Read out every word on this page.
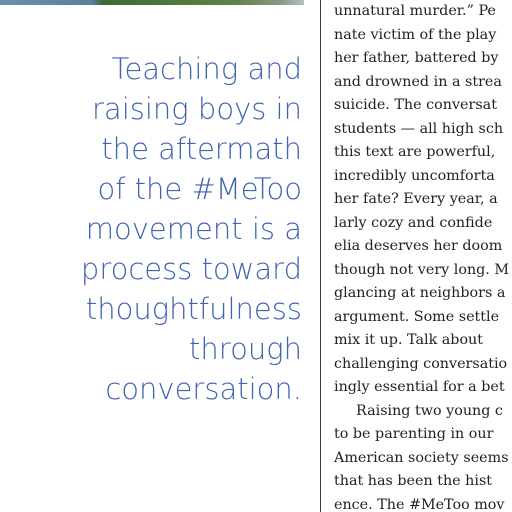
Teaching and
raising boys in
the aftermath
of the #MeToo
movement is a
process toward
thoughtfulness
through
conversation.

unnatural murder.” Pe
nate victim of the play
her father, battered by
and drowned in a strea
suicide. The conversat
students — all high sch
this text are powerful,
incredibly uncomforta
her fate? Every year, a
larly cozy and confide
elia deserves her doom
though not very long. M
glancing at neighbors a
argument. Some settle
mix it up. Talk about
challenging conversatio
ingly essential for a bet
Raising two young c
to be parenting in our
American society seems
that has been the hist
ence. The #MeToo mov
